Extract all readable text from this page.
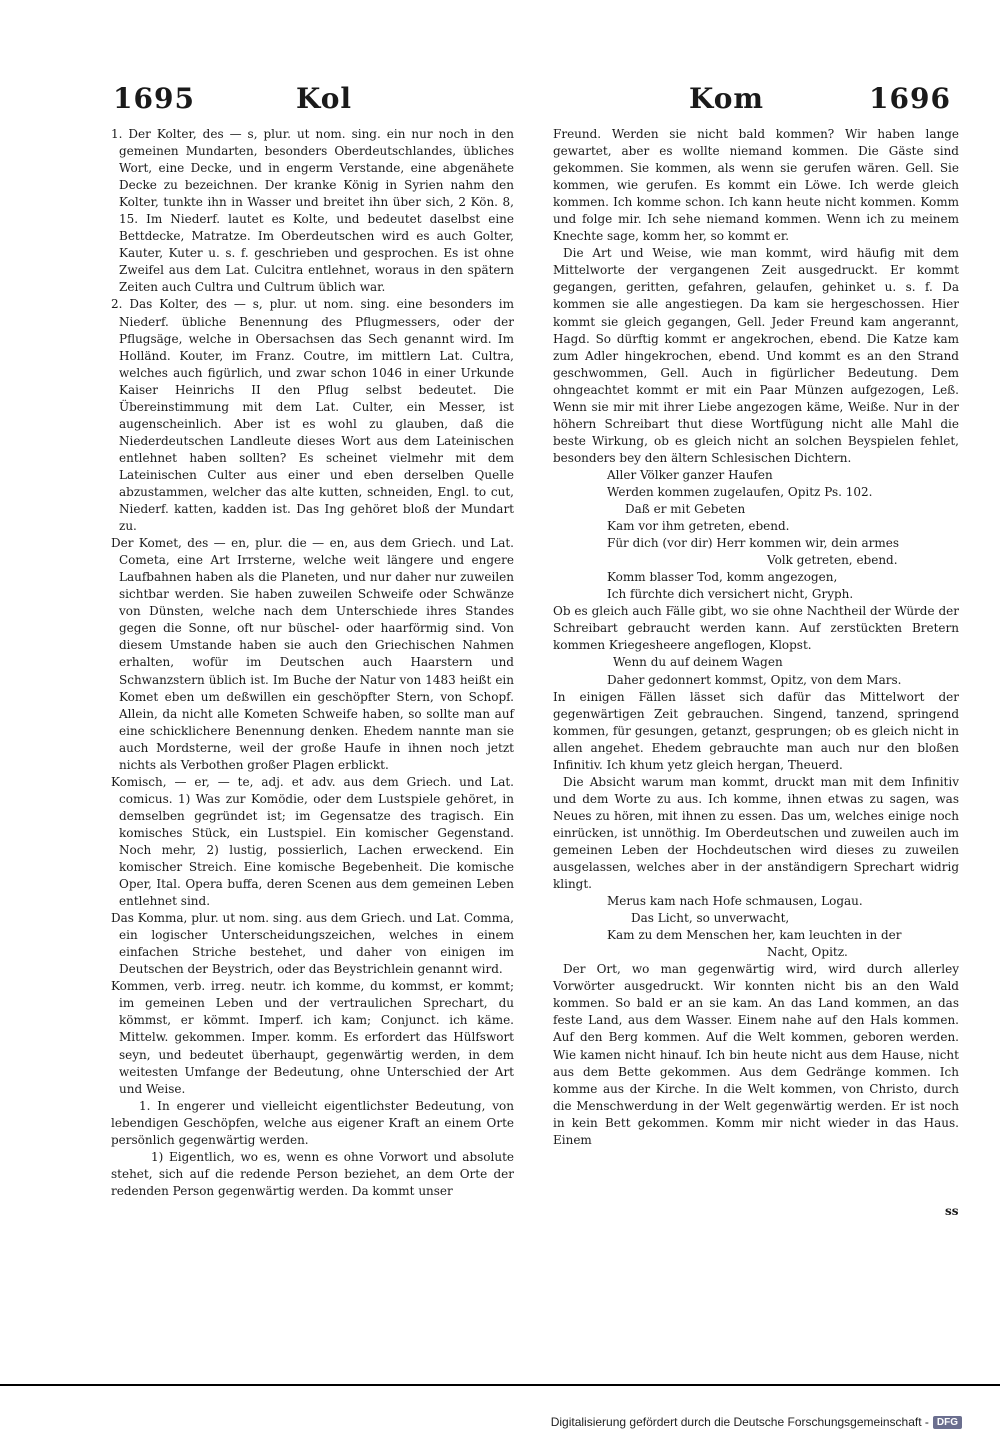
1695	Kol	Kom	1696

1. Der Kolter, des — s, plur. ut nom. sing. ein nur noch in den gemeinen Mundarten, besonders Oberdeutschlandes, übliches Wort, eine Decke, und in engerm Verstande, eine abgenähete Decke zu bezeichnen. Der kranke König in Syrien nahm den Kolter, tunkte ihn in Wasser und breitet ihn über sich, 2 Kön. 8, 15. Im Niederf. lautet es Kolte, und bedeutet daselbst eine Bettdecke, Matratze. Im Oberdeutschen wird es auch Golter, Kauter, Kuter u. s. f. geschrieben und gesprochen. Es ist ohne Zweifel aus dem Lat. Culcitra entlehnet, woraus in den spätern Zeiten auch Cultra und Cultrum üblich war.

2. Das Kolter, des — s, plur. ut nom. sing. eine besonders im Niederf. übliche Benennung des Pflugmessers, oder der Pflugsäge, welche in Obersachsen das Sech genannt wird. Im Holländ. Kouter, im Franz. Coutre, im mittlern Lat. Cultra, welches auch figürlich, und zwar schon 1046 in einer Urkunde Kaiser Heinrichs II den Pflug selbst bedeutet. Die Übereinstimmung mit dem Lat. Culter, ein Messer, ist augenscheinlich. Aber ist es wohl zu glauben, daß die Niederdeutschen Landleute dieses Wort aus dem Lateinischen entlehnet haben sollten? Es scheinet vielmehr mit dem Lateinischen Culter aus einer und eben derselben Quelle abzustammen, welcher das alte kutten, schneiden, Engl. to cut, Niederf. katten, kadden ist. Das Ing gehöret bloß der Mundart zu.

Der Komet, des — en, plur. die — en, aus dem Griech. und Lat. Cometa, eine Art Irrsterne, welche weit längere und engere Laufbahnen haben als die Planeten, und nur daher nur zuweilen sichtbar werden. Sie haben zuweilen Schweife oder Schwänze von Dünsten, welche nach dem Unterschiede ihres Standes gegen die Sonne, oft nur büschel- oder haarförmig sind. Von diesem Umstande haben sie auch den Griechischen Nahmen erhalten, wofür im Deutschen auch Haarstern und Schwanzstern üblich ist. Im Buche der Natur von 1483 heißt ein Komet eben um deßwillen ein geschöpfter Stern, von Schopf. Allein, da nicht alle Kometen Schweife haben, so sollte man auf eine schicklichere Benennung denken. Ehedem nannte man sie auch Mordsterne, weil der große Haufe in ihnen noch jetzt nichts als Verbothen großer Plagen erblickt.

Komisch, — er, — te, adj. et adv. aus dem Griech. und Lat. comicus. 1) Was zur Komödie, oder dem Lustspiele gehöret, in demselben gegründet ist; im Gegensatze des tragisch. Ein komisches Stück, ein Lustspiel. Ein komischer Gegenstand. Noch mehr, 2) lustig, possierlich, Lachen erweckend. Ein komischer Streich. Eine komische Begebenheit. Die komische Oper, Ital. Opera buffa, deren Scenen aus dem gemeinen Leben entlehnet sind.

Das Komma, plur. ut nom. sing. aus dem Griech. und Lat. Comma, ein logischer Unterscheidungszeichen, welches in einem einfachen Striche bestehet, und daher von einigen im Deutschen der Beystrich, oder das Beystrichlein genannt wird.

Kommen, verb. irreg. neutr. ich komme, du kommst, er kommt; im gemeinen Leben und der vertraulichen Sprechart, du kömmst, er kömmt. Imperf. ich kam; Conjunct. ich käme. Mittelw. gekommen. Imper. komm. Es erfordert das Hülfswort seyn, und bedeutet überhaupt, gegenwärtig werden, in dem weitesten Umfange der Bedeutung, ohne Unterschied der Art und Weise.

1. In engerer und vielleicht eigentlichster Bedeutung, von lebendigen Geschöpfen, welche aus eigener Kraft an einem Orte persönlich gegenwärtig werden.

1) Eigentlich, wo es, wenn es ohne Vorwort und absolute stehet, sich auf die redende Person beziehet, an dem Orte der redenden Person gegenwärtig werden. Da kommt unser

Freund. Werden sie nicht bald kommen? Wir haben lange gewartet, aber es wollte niemand kommen. Die Gäste sind gekommen. Sie kommen, als wenn sie gerufen wären. Gell. Sie kommen, wie gerufen. Es kommt ein Löwe. Ich werde gleich kommen. Ich komme schon. Ich kann heute nicht kommen. Komm und folge mir. Ich sehe niemand kommen. Wenn ich zu meinem Knechte sage, komm her, so kommt er.

Die Art und Weise, wie man kommt, wird häufig mit dem Mittelworte der vergangenen Zeit ausgedruckt. Er kommt gegangen, geritten, gefahren, gelaufen, gehinket u. s. f. Da kommen sie alle angestiegen. Da kam sie hergeschossen. Hier kommt sie gleich gegangen, Gell. Jeder Freund kam angerannt, Hagd. So dürftig kommt er angekrochen, ebend. Die Katze kam zum Adler hingekrochen, ebend. Und kommt es an den Strand geschwommen, Gell. Auch in figürlicher Bedeutung. Dem ohngeachtet kommt er mit ein Paar Münzen aufgezogen, Leß. Wenn sie mir mit ihrer Liebe angezogen käme, Weiße. Nur in der höhern Schreibart thut diese Wortfügung nicht alle Mahl die beste Wirkung, ob es gleich nicht an solchen Beyspielen fehlet, besonders bey den ältern Schlesischen Dichtern.

Aller Völker ganzer Haufen

Werden kommen zugelaufen, Opitz Ps. 102.

Daß er mit Gebeten

Kam vor ihm getreten, ebend.

Für dich (vor dir) Herr kommen wir, dein armes

Volk getreten, ebend.

Komm blasser Tod, komm angezogen,

Ich fürchte dich versichert nicht, Gryph.

Ob es gleich auch Fälle gibt, wo sie ohne Nachtheil der Würde der Schreibart gebraucht werden kann. Auf zerstückten Bretern kommen Kriegesheere angeflogen, Klopst.

Wenn du auf deinem Wagen

Daher gedonnert kommst, Opitz, von dem Mars.

In einigen Fällen lässet sich dafür das Mittelwort der gegenwärtigen Zeit gebrauchen. Singend, tanzend, springend kommen, für gesungen, getanzt, gesprungen; ob es gleich nicht in allen angehet. Ehedem gebrauchte man auch nur den bloßen Infinitiv. Ich khum yetz gleich hergan, Theuerd.

Die Absicht warum man kommt, druckt man mit dem Infinitiv und dem Worte zu aus. Ich komme, ihnen etwas zu sagen, was Neues zu hören, mit ihnen zu essen. Das um, welches einige noch einrücken, ist unnöthig. Im Oberdeutschen und zuweilen auch im gemeinen Leben der Hochdeutschen wird dieses zu zuweilen ausgelassen, welches aber in der anständigern Sprechart widrig klingt.

Merus kam nach Hofe schmausen, Logau.

Das Licht, so unverwacht,

Kam zu dem Menschen her, kam leuchten in der

Nacht, Opitz.

Der Ort, wo man gegenwärtig wird, wird durch allerley Vorwörter ausgedruckt. Wir konnten nicht bis an den Wald kommen. So bald er an sie kam. An das Land kommen, an das feste Land, aus dem Wasser. Einem nahe auf den Hals kommen. Auf den Berg kommen. Auf die Welt kommen, geboren werden. Wie kamen nicht hinauf. Ich bin heute nicht aus dem Hause, nicht aus dem Bette gekommen. Aus dem Gedränge kommen. Ich komme aus der Kirche. In die Welt kommen, von Christo, durch die Menschwerdung in der Welt gegenwärtig werden. Er ist noch in kein Bett gekommen. Komm mir nicht wieder in das Haus. Einem

ss
Digitalisierung gefördert durch die Deutsche Forschungsgemeinschaft - DFG
